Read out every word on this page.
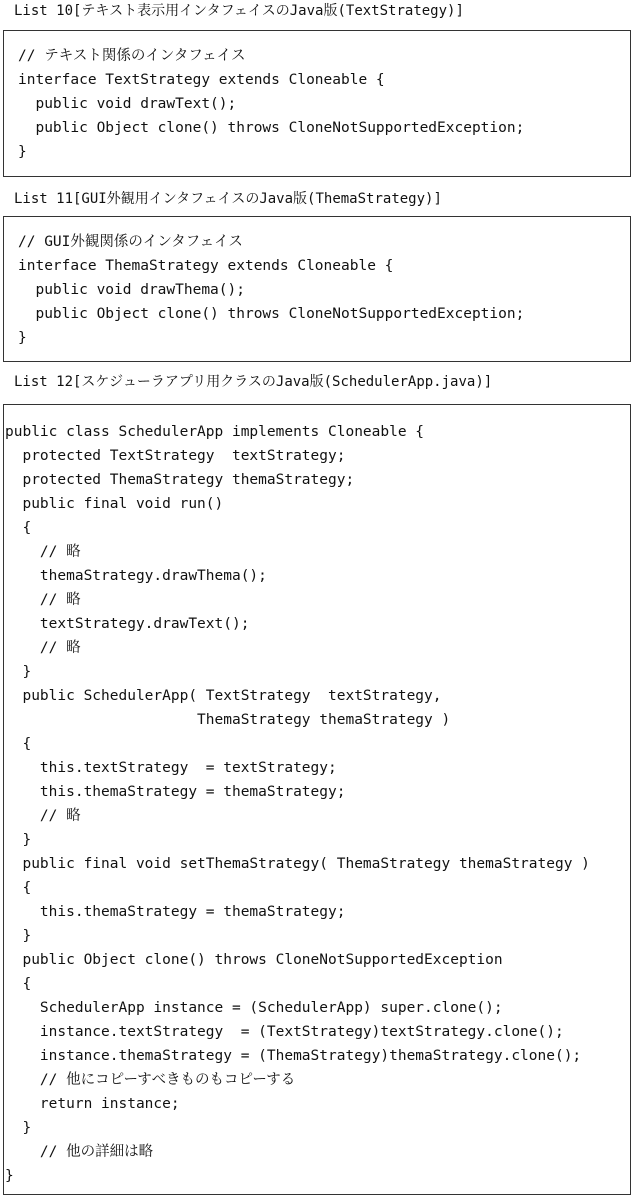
List 10[テキスト表示用インタフェイスのJava版(TextStrategy)]
// テキスト関係のインタフェイス
interface TextStrategy extends Cloneable {
public void drawText();
public Object clone() throws CloneNotSupportedException;
}
List 11[GUI外観用インタフェイスのJava版(ThemaStrategy)]
// GUI外観関係のインタフェイス
interface ThemaStrategy extends Cloneable {
public void drawThema();
public Object clone() throws CloneNotSupportedException;
}
List 12[スケジューラアプリ用クラスのJava版(SchedulerApp.java)]
public class SchedulerApp implements Cloneable {
protected TextStrategy  textStrategy;
protected ThemaStrategy themaStrategy;
public final void run()
{
// 略
themaStrategy.drawThema();
// 略
textStrategy.drawText();
// 略
}
public SchedulerApp( TextStrategy  textStrategy,
ThemaStrategy themaStrategy )
{
this.textStrategy  = textStrategy;
this.themaStrategy = themaStrategy;
// 略
}
public final void setThemaStrategy( ThemaStrategy themaStrategy )
{
this.themaStrategy = themaStrategy;
}
public Object clone() throws CloneNotSupportedException
{
SchedulerApp instance = (SchedulerApp) super.clone();
instance.textStrategy  = (TextStrategy)textStrategy.clone();
instance.themaStrategy = (ThemaStrategy)themaStrategy.clone();
// 他にコピーすべきものもコピーする
return instance;
}
// 他の詳細は略
}
